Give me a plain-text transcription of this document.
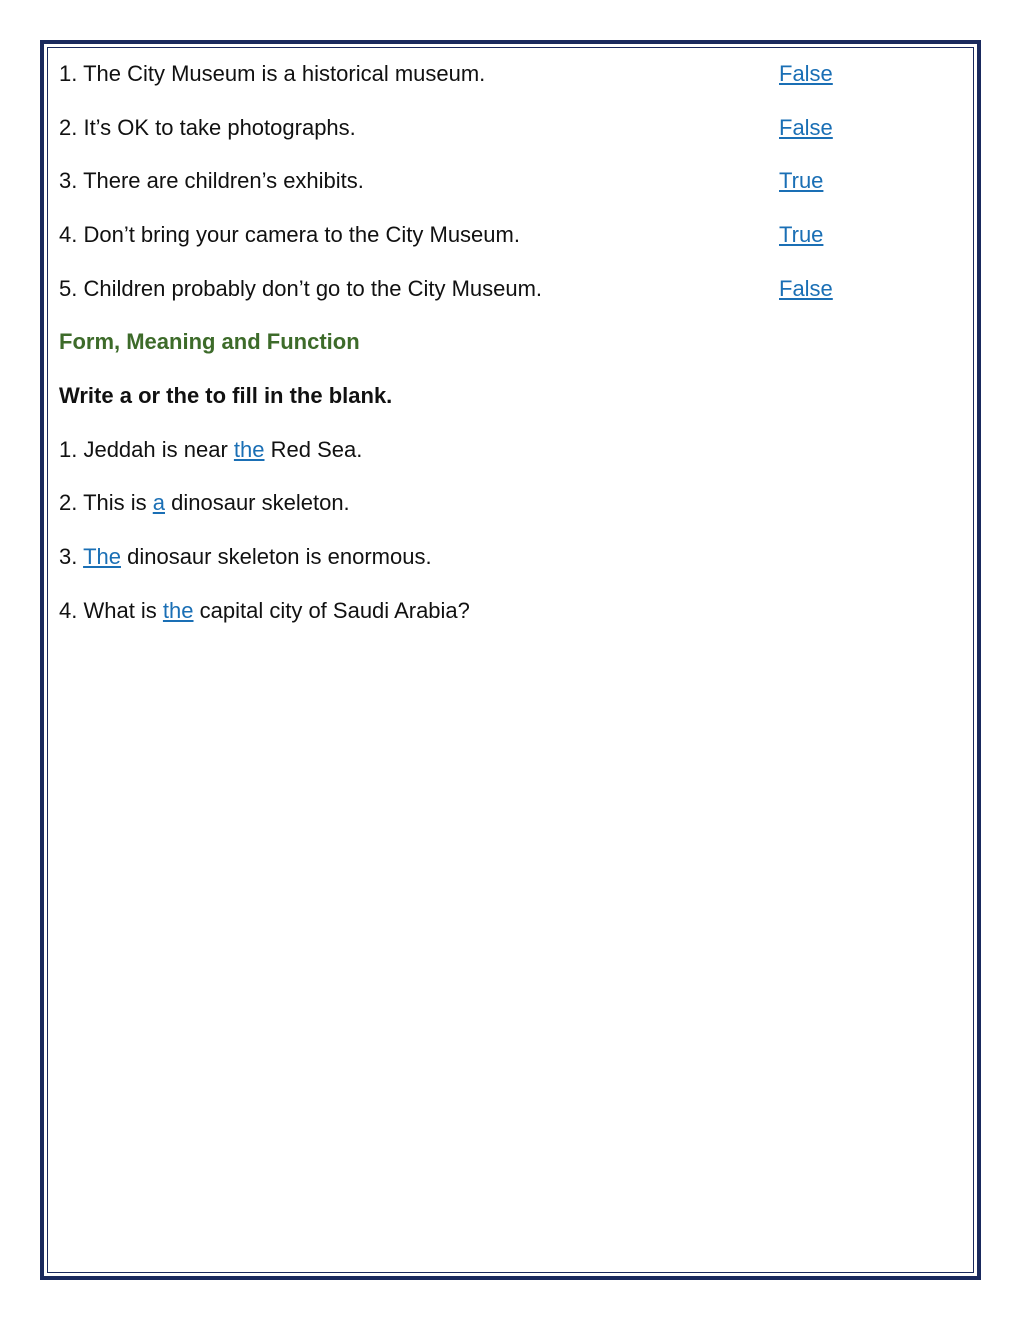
1. The City Museum is a historical museum.	False
2. It’s OK to take photographs.	False
3. There are children’s exhibits.	True
4. Don’t bring your camera to the City Museum.	True
5. Children probably don’t go to the City Museum.	False
Form, Meaning and Function
Write a or the to fill in the blank.
1. Jeddah is near the Red Sea.
2. This is a dinosaur skeleton.
3. The dinosaur skeleton is enormous.
4. What is the capital city of Saudi Arabia?
